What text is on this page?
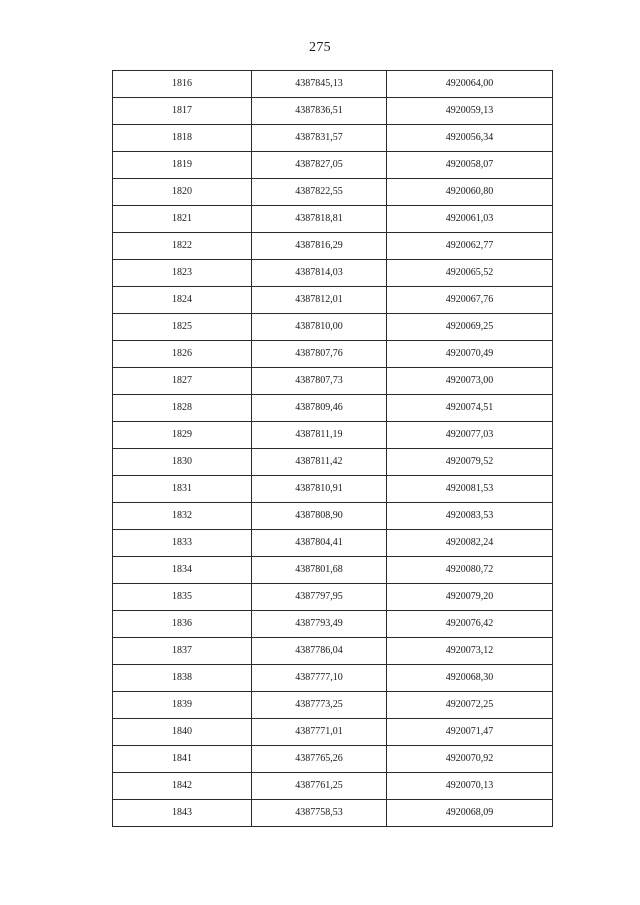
275
1816	4387845,13	4920064,00
1817	4387836,51	4920059,13
1818	4387831,57	4920056,34
1819	4387827,05	4920058,07
1820	4387822,55	4920060,80
1821	4387818,81	4920061,03
1822	4387816,29	4920062,77
1823	4387814,03	4920065,52
1824	4387812,01	4920067,76
1825	4387810,00	4920069,25
1826	4387807,76	4920070,49
1827	4387807,73	4920073,00
1828	4387809,46	4920074,51
1829	4387811,19	4920077,03
1830	4387811,42	4920079,52
1831	4387810,91	4920081,53
1832	4387808,90	4920083,53
1833	4387804,41	4920082,24
1834	4387801,68	4920080,72
1835	4387797,95	4920079,20
1836	4387793,49	4920076,42
1837	4387786,04	4920073,12
1838	4387777,10	4920068,30
1839	4387773,25	4920072,25
1840	4387771,01	4920071,47
1841	4387765,26	4920070,92
1842	4387761,25	4920070,13
1843	4387758,53	4920068,09
